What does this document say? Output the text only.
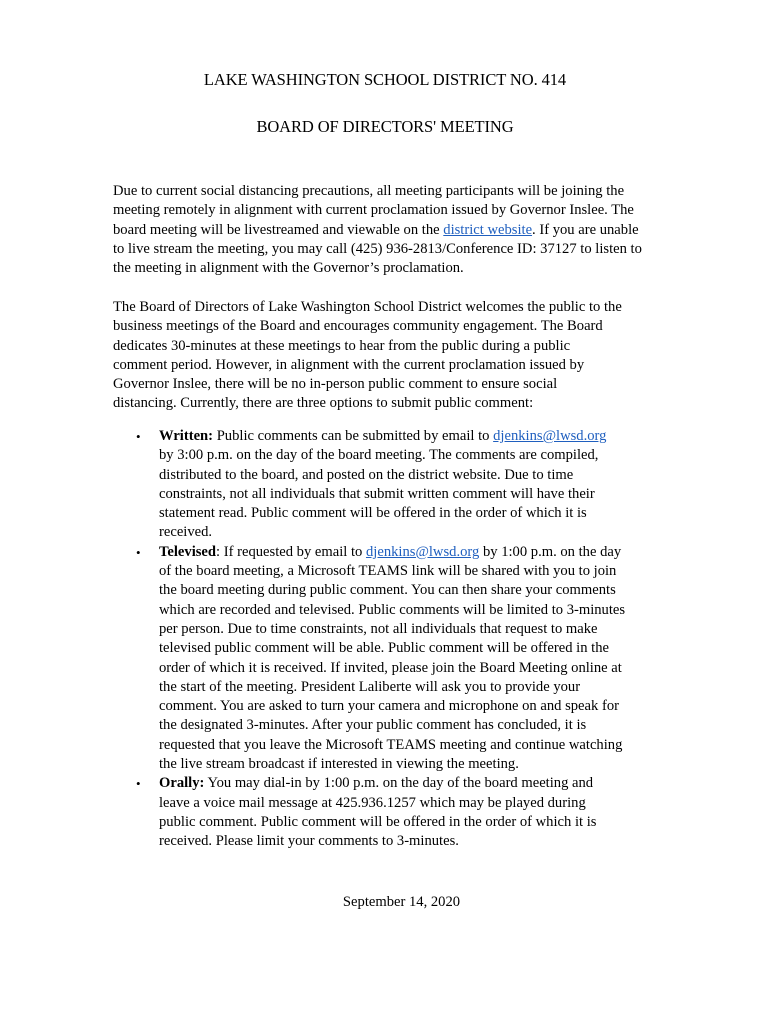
LAKE WASHINGTON SCHOOL DISTRICT NO. 414
BOARD OF DIRECTORS' MEETING

Due to current social distancing precautions, all meeting participants will be joining the
meeting remotely in alignment with current proclamation issued by Governor Inslee. The
board meeting will be livestreamed and viewable on the district website. If you are unable
to live stream the meeting, you may call (425) 936-2813/Conference ID: 37127 to listen to
the meeting in alignment with the Governor’s proclamation.

The Board of Directors of Lake Washington School District welcomes the public to the
business meetings of the Board and encourages community engagement. The Board
dedicates 30-minutes at these meetings to hear from the public during a public
comment period. However, in alignment with the current proclamation issued by
Governor Inslee, there will be no in-person public comment to ensure social
distancing. Currently, there are three options to submit public comment:

• Written: Public comments can be submitted by email to djenkins@lwsd.org
by 3:00 p.m. on the day of the board meeting. The comments are compiled,
distributed to the board, and posted on the district website. Due to time
constraints, not all individuals that submit written comment will have their
statement read. Public comment will be offered in the order of which it is
received.
• Televised: If requested by email to djenkins@lwsd.org by 1:00 p.m. on the day
of the board meeting, a Microsoft TEAMS link will be shared with you to join
the board meeting during public comment. You can then share your comments
which are recorded and televised. Public comments will be limited to 3-minutes
per person. Due to time constraints, not all individuals that request to make
televised public comment will be able. Public comment will be offered in the
order of which it is received. If invited, please join the Board Meeting online at
the start of the meeting. President Laliberte will ask you to provide your
comment. You are asked to turn your camera and microphone on and speak for
the designated 3-minutes. After your public comment has concluded, it is
requested that you leave the Microsoft TEAMS meeting and continue watching
the live stream broadcast if interested in viewing the meeting.
• Orally: You may dial-in by 1:00 p.m. on the day of the board meeting and
leave a voice mail message at 425.936.1257 which may be played during
public comment. Public comment will be offered in the order of which it is
received. Please limit your comments to 3-minutes.
September 14, 2020
